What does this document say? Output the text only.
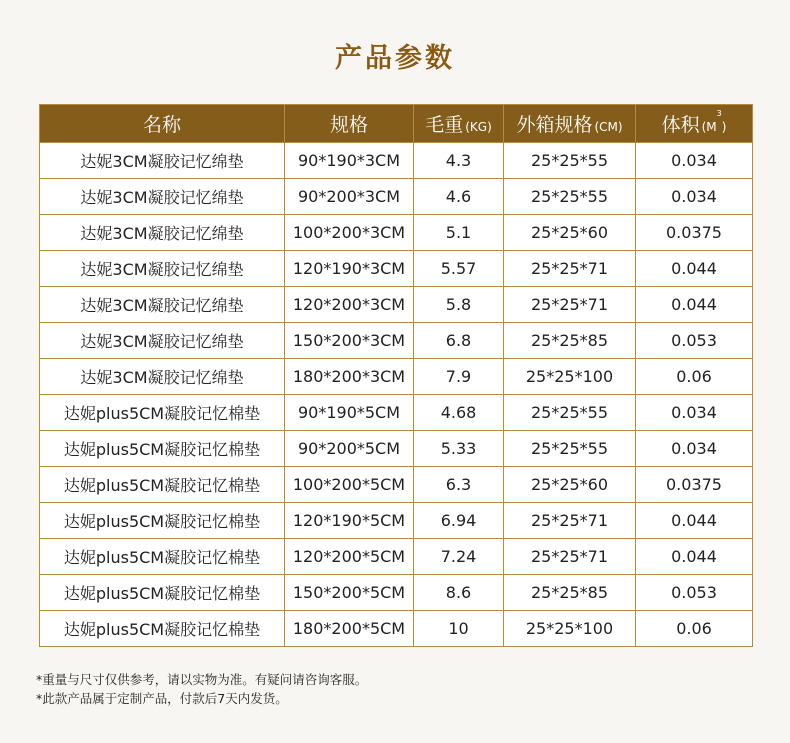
产品参数
名称	规格	毛重 (KG)	外箱规格 (CM)	体积 $(M^3)$
达妮3CM凝胶记忆绵垫	90*190*3CM	4.3	25*25*55	0.034
达妮3CM凝胶记忆绵垫	90*200*3CM	4.6	25*25*55	0.034
达妮3CM凝胶记忆绵垫	100*200*3CM	5.1	25*25*60	0.0375
达妮3CM凝胶记忆绵垫	120*190*3CM	5.57	25*25*71	0.044
达妮3CM凝胶记忆绵垫	120*200*3CM	5.8	25*25*71	0.044
达妮3CM凝胶记忆绵垫	150*200*3CM	6.8	25*25*85	0.053
达妮3CM凝胶记忆绵垫	180*200*3CM	7.9	25*25*100	0.06
达妮plus5CM凝胶记忆棉垫	90*190*5CM	4.68	25*25*55	0.034
达妮plus5CM凝胶记忆棉垫	90*200*5CM	5.33	25*25*55	0.034
达妮plus5CM凝胶记忆棉垫	100*200*5CM	6.3	25*25*60	0.0375
达妮plus5CM凝胶记忆棉垫	120*190*5CM	6.94	25*25*71	0.044
达妮plus5CM凝胶记忆棉垫	120*200*5CM	7.24	25*25*71	0.044
达妮plus5CM凝胶记忆棉垫	150*200*5CM	8.6	25*25*85	0.053
达妮plus5CM凝胶记忆棉垫	180*200*5CM	10	25*25*100	0.06
*重量与尺寸仅供参考，请以实物为准。有疑问请咨询客服。
*此款产品属于定制产品，付款后7天内发货。
